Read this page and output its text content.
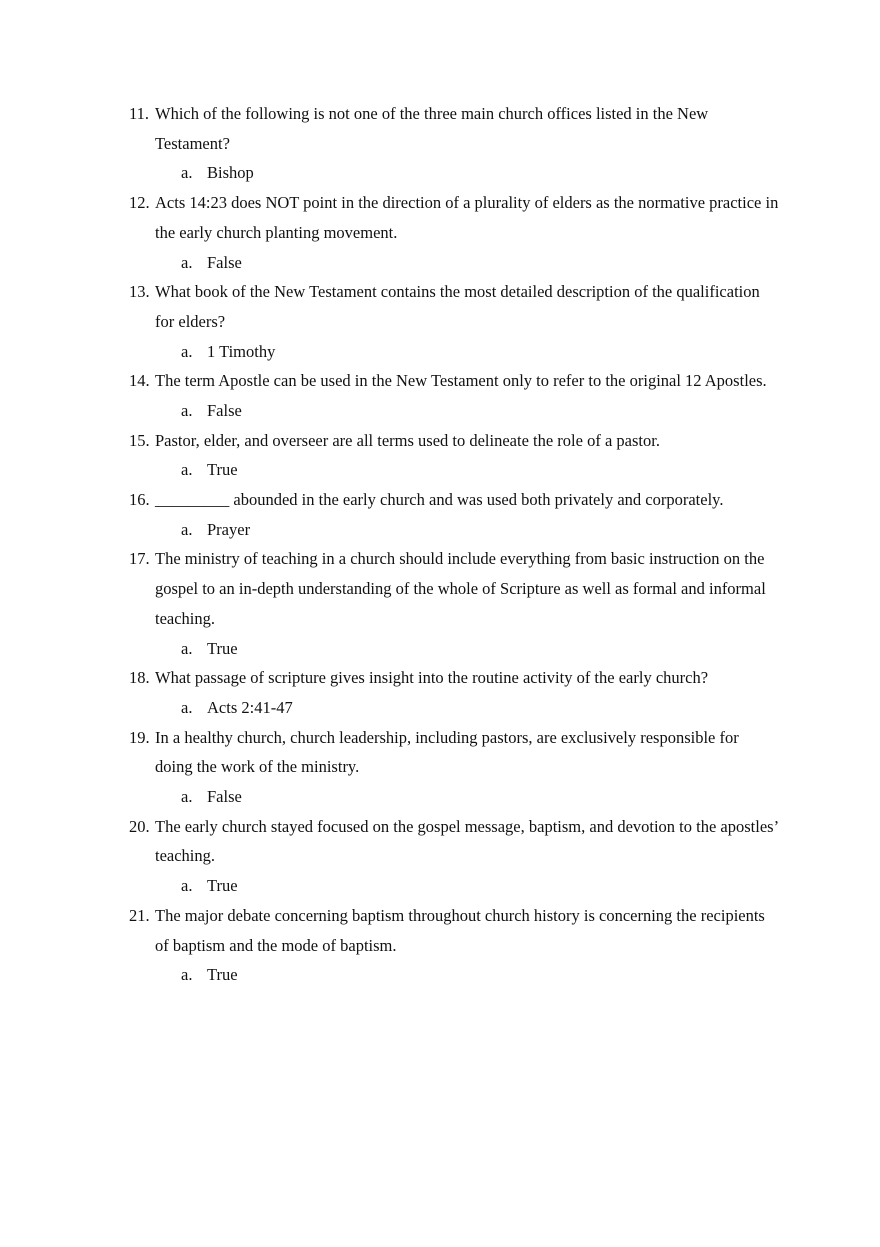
11. Which of the following is not one of the three main church offices listed in the New Testament?
a. Bishop
12. Acts 14:23 does NOT point in the direction of a plurality of elders as the normative practice in the early church planting movement.
a. False
13. What book of the New Testament contains the most detailed description of the qualification for elders?
a. 1 Timothy
14. The term Apostle can be used in the New Testament only to refer to the original 12 Apostles.
a. False
15. Pastor, elder, and overseer are all terms used to delineate the role of a pastor.
a. True
16. _________ abounded in the early church and was used both privately and corporately.
a. Prayer
17. The ministry of teaching in a church should include everything from basic instruction on the gospel to an in-depth understanding of the whole of Scripture as well as formal and informal teaching.
a. True
18. What passage of scripture gives insight into the routine activity of the early church?
a. Acts 2:41-47
19. In a healthy church, church leadership, including pastors, are exclusively responsible for doing the work of the ministry.
a. False
20. The early church stayed focused on the gospel message, baptism, and devotion to the apostles’ teaching.
a. True
21. The major debate concerning baptism throughout church history is concerning the recipients of baptism and the mode of baptism.
a. True
